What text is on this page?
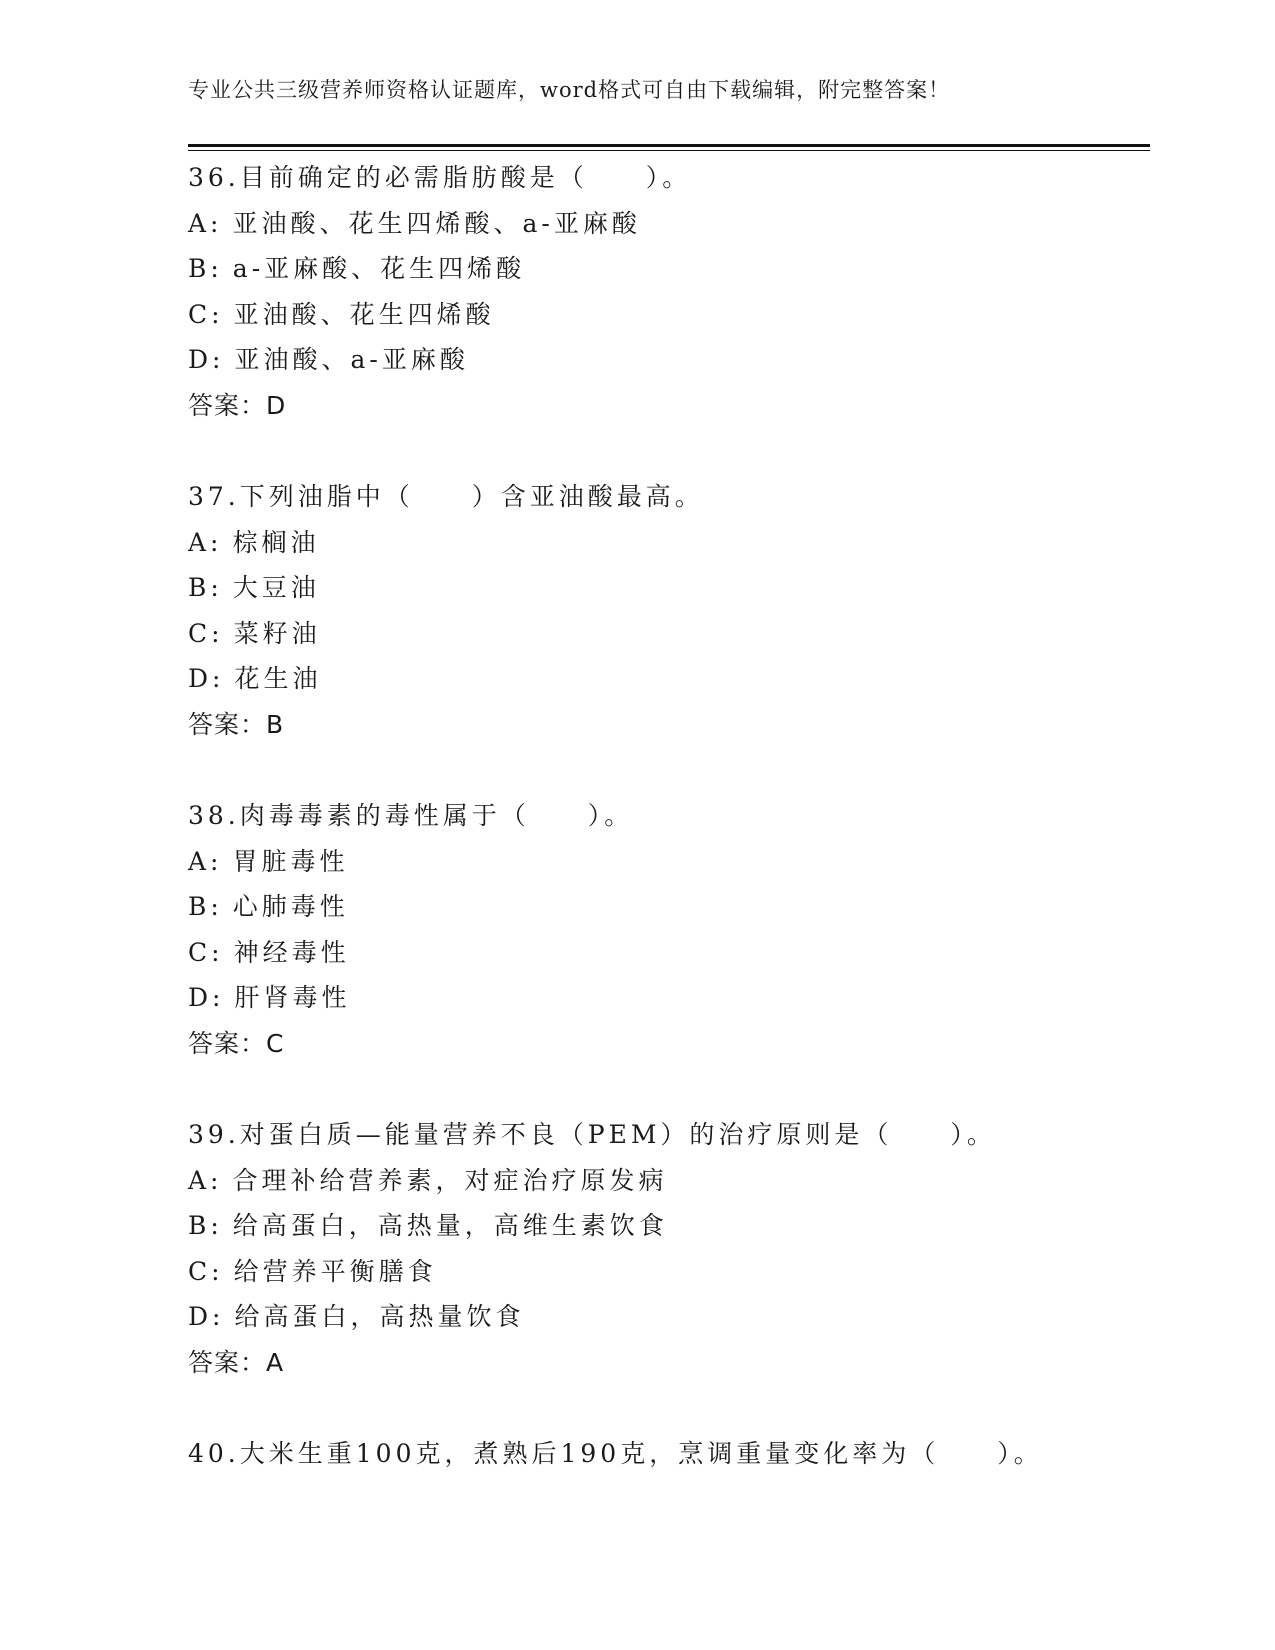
专业公共三级营养师资格认证题库，word格式可自由下载编辑，附完整答案！
36.目前确定的必需脂肪酸是（　　）。
A: 亚油酸、花生四烯酸、a-亚麻酸
B: a-亚麻酸、花生四烯酸
C: 亚油酸、花生四烯酸
D: 亚油酸、a-亚麻酸
答案：D
37.下列油脂中（　　）含亚油酸最高。
A: 棕榈油
B: 大豆油
C: 菜籽油
D: 花生油
答案：B
38.肉毒毒素的毒性属于（　　）。
A: 胃脏毒性
B: 心肺毒性
C: 神经毒性
D: 肝肾毒性
答案：C
39.对蛋白质—能量营养不良（PEM）的治疗原则是（　　）。
A: 合理补给营养素，对症治疗原发病
B: 给高蛋白，高热量，高维生素饮食
C: 给营养平衡膳食
D: 给高蛋白，高热量饮食
答案：A
40.大米生重100克，煮熟后190克，烹调重量变化率为（　　）。
